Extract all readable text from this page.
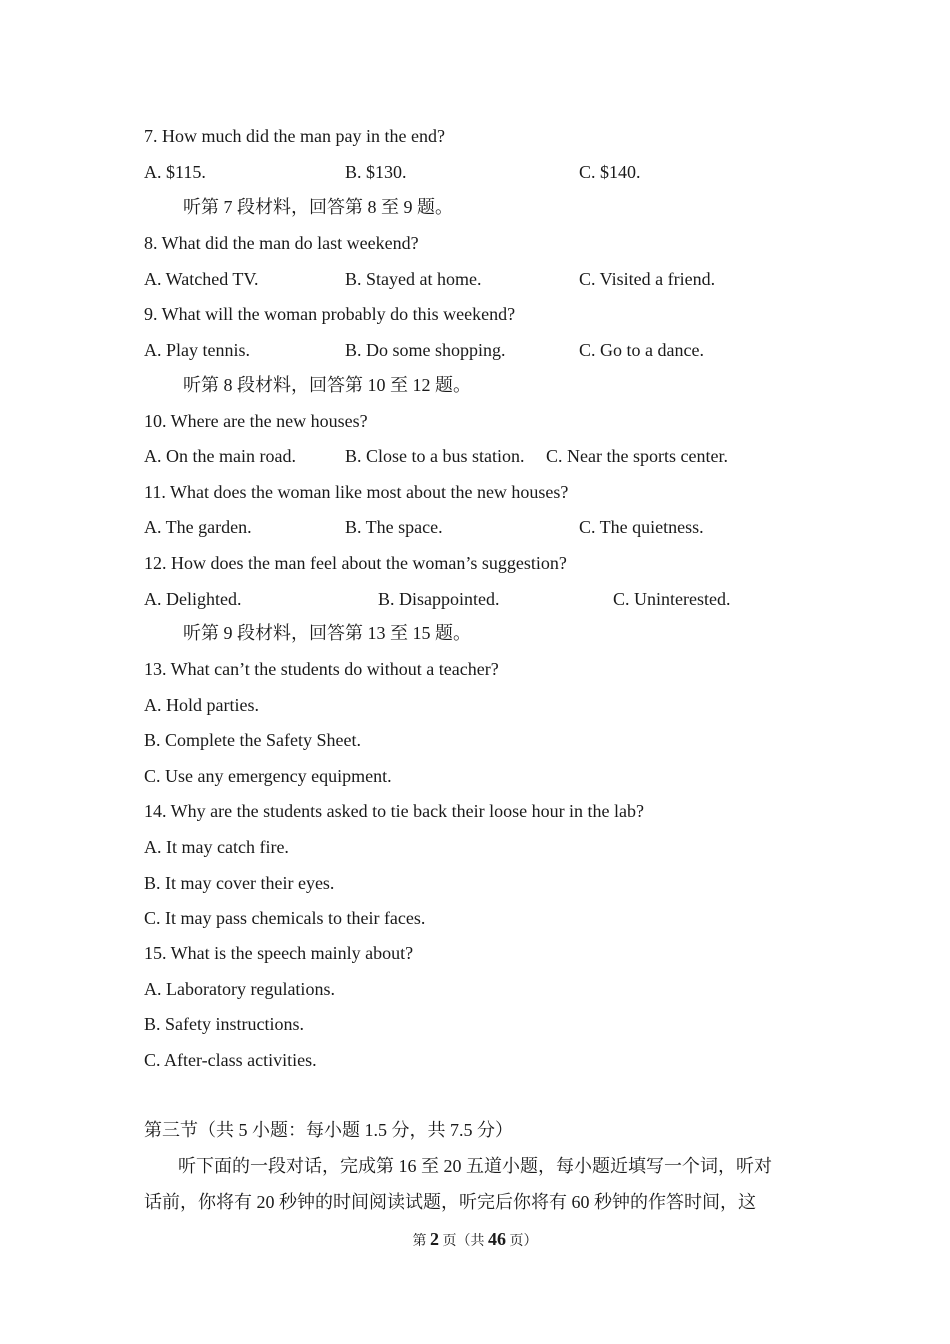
7. How much did the man pay in the end?
A. $115.	B. $130.	C. $140.
听第 7 段材料，回答第 8 至 9 题。
8. What did the man do last weekend?
A. Watched TV.	B. Stayed at home.	C. Visited a friend.
9. What will the woman probably do this weekend?
A. Play tennis.	B. Do some shopping.	C. Go to a dance.
听第 8 段材料，回答第 10 至 12 题。
10. Where are the new houses?
A. On the main road.	B. Close to a bus station. C. Near the sports center.
11. What does the woman like most about the new houses?
A. The garden.	B. The space.	C. The quietness.
12. How does the man feel about the woman’s suggestion?
A. Delighted.	B. Disappointed.	C. Uninterested.
听第 9 段材料，回答第 13 至 15 题。
13. What can’t the students do without a teacher?
A. Hold parties.
B. Complete the Safety Sheet.
C. Use any emergency equipment.
14. Why are the students asked to tie back their loose hour in the lab?
A. It may catch fire.
B. It may cover their eyes.
C. It may pass chemicals to their faces.
15. What is the speech mainly about?
A. Laboratory regulations.
B. Safety instructions.
C. After-class activities.
第三节（共 5 小题：每小题 1.5 分，共 7.5 分）
听下面的一段对话，完成第 16 至 20 五道小题，每小题近填写一个词，听对
话前，你将有 20 秒钟的时间阅读试题，听完后你将有 60 秒钟的作答时间，这
第 2 页（共 46 页）
